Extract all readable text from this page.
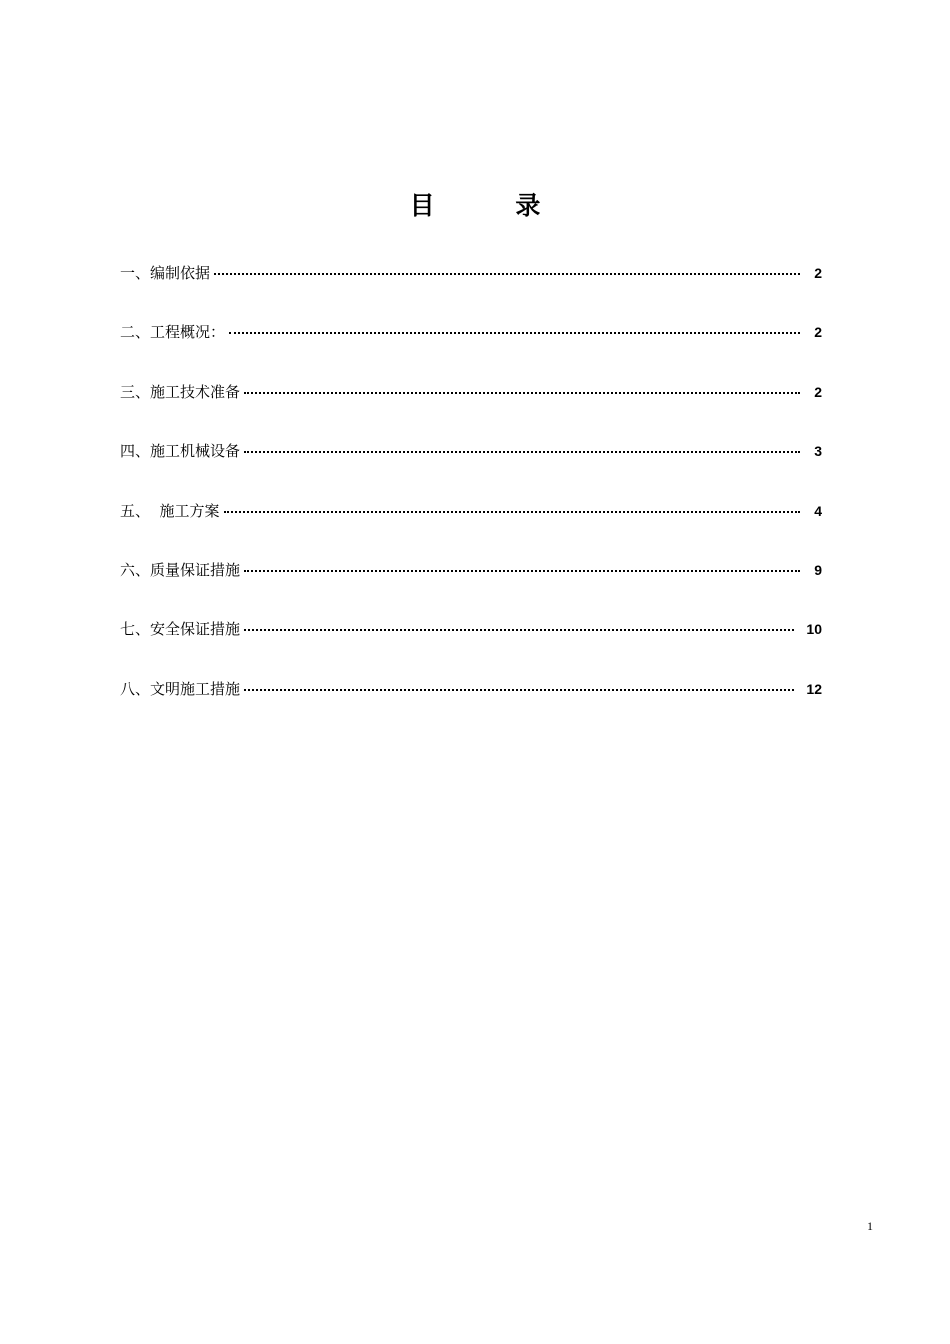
目 录
一、编制依据	2
二、工程概况：	2
三、施工技术准备	2
四、施工机械设备	3
五、  施工方案	4
六、质量保证措施	9
七、安全保证措施	10
八、文明施工措施	12
1
